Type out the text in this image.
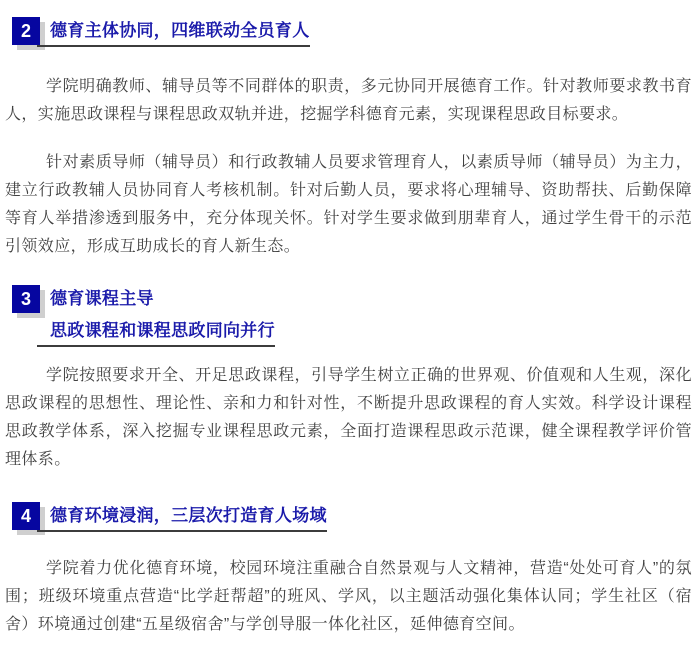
2 德育主体协同，四维联动全员育人

学院明确教师、辅导员等不同群体的职责，多元协同开展德育工作。针对教师要求教书育人，实施思政课程与课程思政双轨并进，挖掘学科德育元素，实现课程思政目标要求。

针对素质导师（辅导员）和行政教辅人员要求管理育人，以素质导师（辅导员）为主力，建立行政教辅人员协同育人考核机制。针对后勤人员，要求将心理辅导、资助帮扶、后勤保障等育人举措渗透到服务中，充分体现关怀。针对学生要求做到朋辈育人，通过学生骨干的示范引领效应，形成互助成长的育人新生态。

3 德育课程主导
思政课程和课程思政同向并行

学院按照要求开全、开足思政课程，引导学生树立正确的世界观、价值观和人生观，深化思政课程的思想性、理论性、亲和力和针对性，不断提升思政课程的育人实效。科学设计课程思政教学体系，深入挖掘专业课程思政元素，全面打造课程思政示范课，健全课程教学评价管理体系。

4 德育环境浸润，三层次打造育人场域

学院着力优化德育环境，校园环境注重融合自然景观与人文精神，营造“处处可育人”的氛围；班级环境重点营造“比学赶帮超”的班风、学风，以主题活动强化集体认同；学生社区（宿舍）环境通过创建“五星级宿舍”与学创导服一体化社区，延伸德育空间。
